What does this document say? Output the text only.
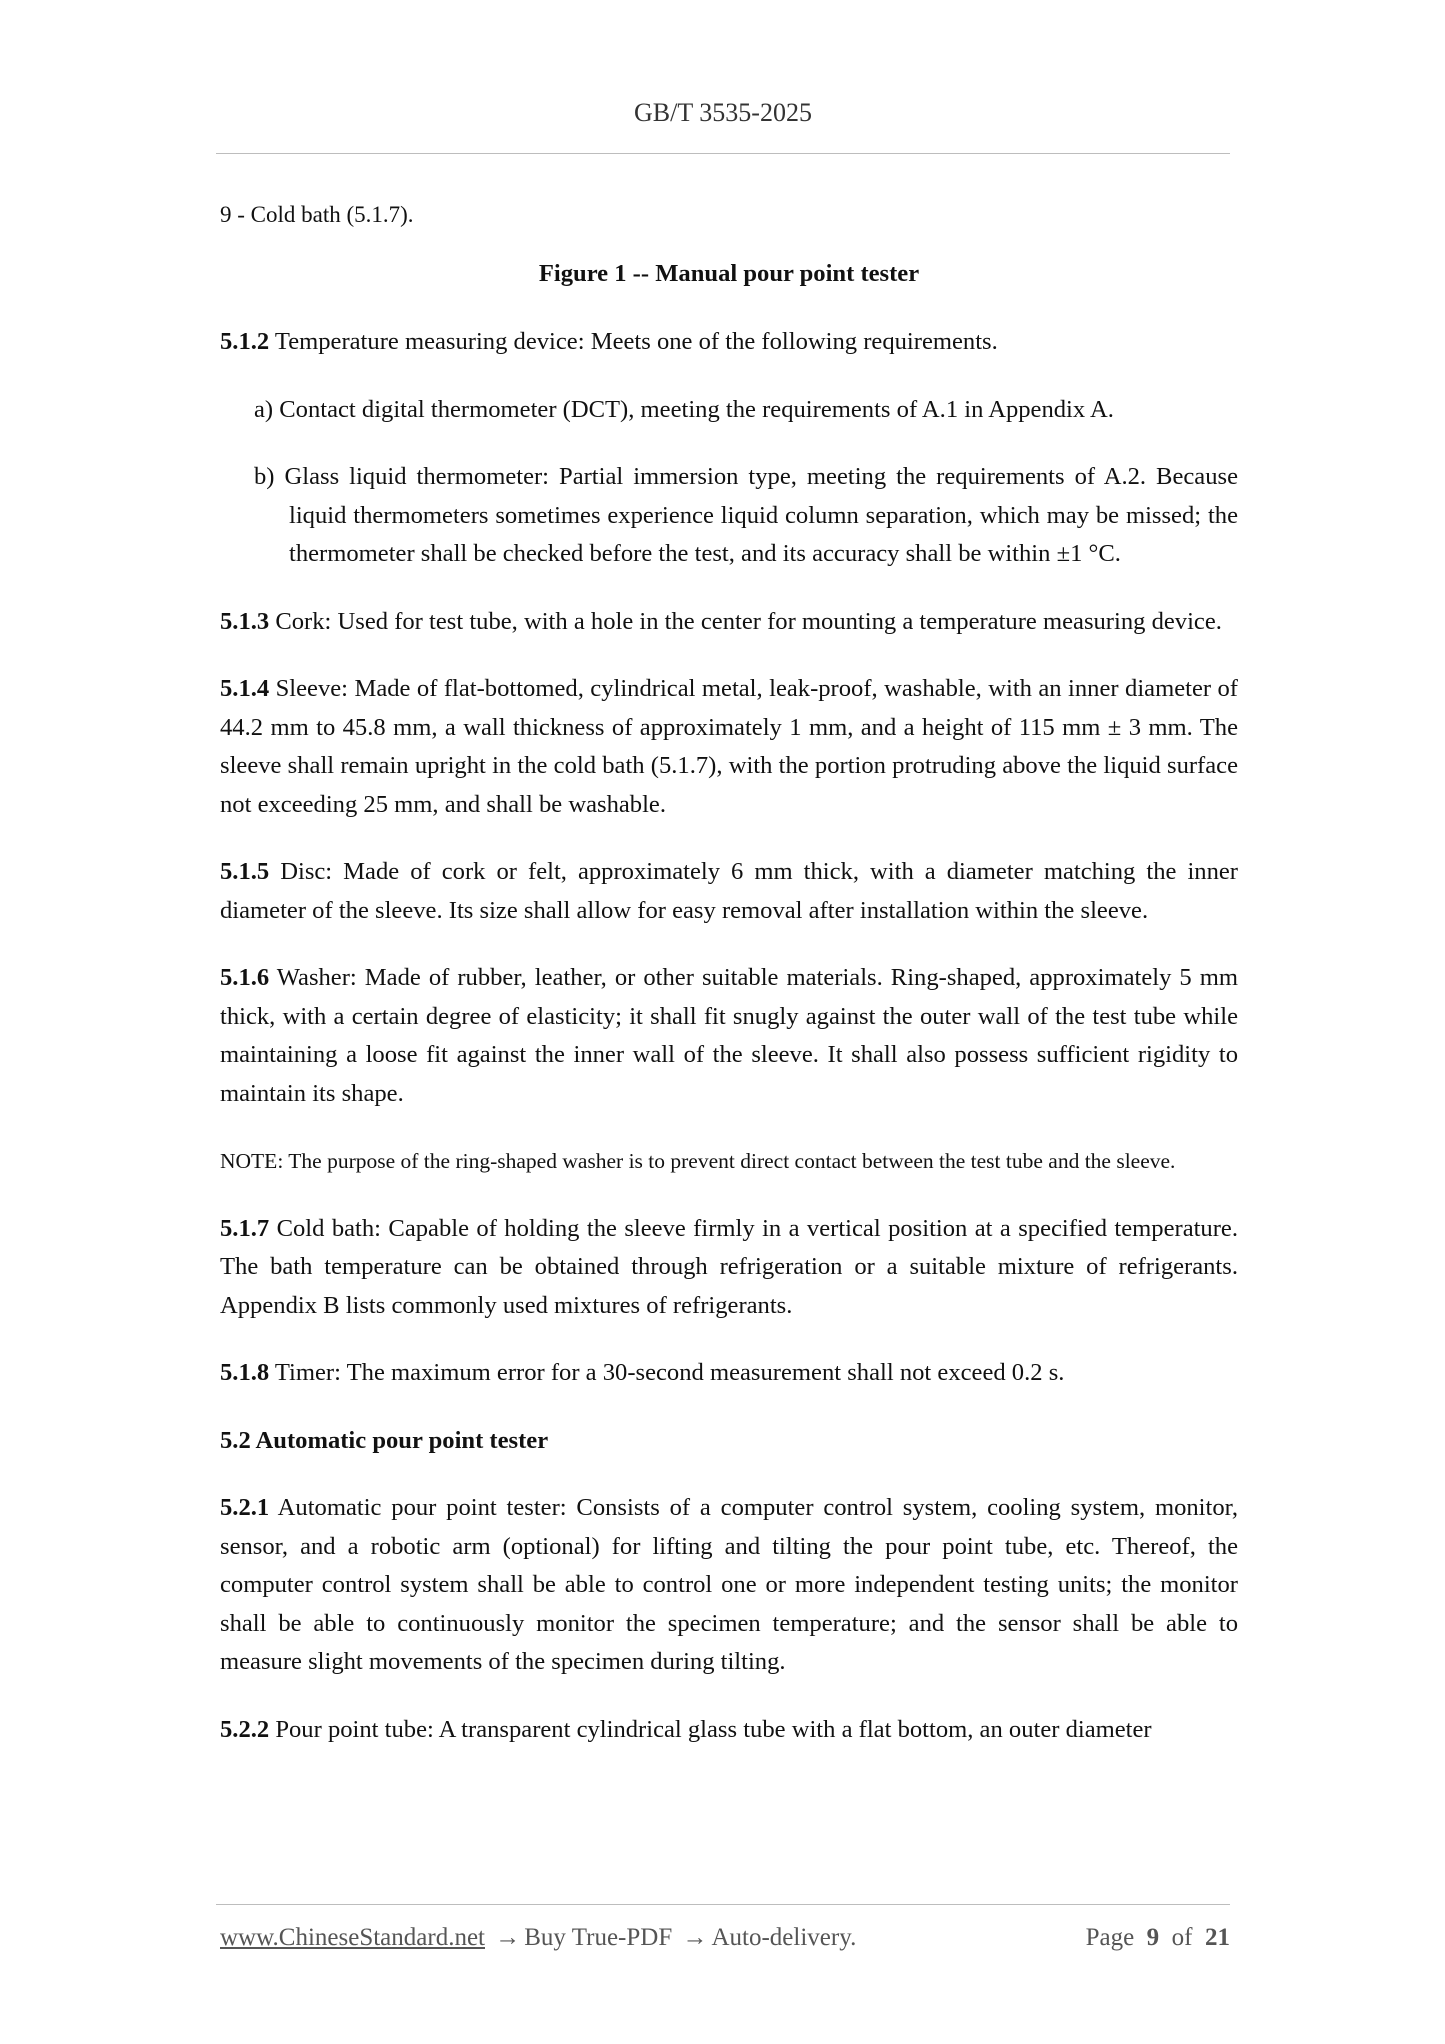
GB/T 3535-2025

9 - Cold bath (5.1.7).

Figure 1 -- Manual pour point tester

5.1.2 Temperature measuring device: Meets one of the following requirements.

a) Contact digital thermometer (DCT), meeting the requirements of A.1 in Appendix A.

b) Glass liquid thermometer: Partial immersion type, meeting the requirements of A.2. Because liquid thermometers sometimes experience liquid column separation, which may be missed; the thermometer shall be checked before the test, and its accuracy shall be within ±1 °C.

5.1.3 Cork: Used for test tube, with a hole in the center for mounting a temperature measuring device.

5.1.4 Sleeve: Made of flat-bottomed, cylindrical metal, leak-proof, washable, with an inner diameter of 44.2 mm to 45.8 mm, a wall thickness of approximately 1 mm, and a height of 115 mm ± 3 mm. The sleeve shall remain upright in the cold bath (5.1.7), with the portion protruding above the liquid surface not exceeding 25 mm, and shall be washable.

5.1.5 Disc: Made of cork or felt, approximately 6 mm thick, with a diameter matching the inner diameter of the sleeve. Its size shall allow for easy removal after installation within the sleeve.

5.1.6 Washer: Made of rubber, leather, or other suitable materials. Ring-shaped, approximately 5 mm thick, with a certain degree of elasticity; it shall fit snugly against the outer wall of the test tube while maintaining a loose fit against the inner wall of the sleeve. It shall also possess sufficient rigidity to maintain its shape.

NOTE: The purpose of the ring-shaped washer is to prevent direct contact between the test tube and the sleeve.

5.1.7 Cold bath: Capable of holding the sleeve firmly in a vertical position at a specified temperature. The bath temperature can be obtained through refrigeration or a suitable mixture of refrigerants. Appendix B lists commonly used mixtures of refrigerants.

5.1.8 Timer: The maximum error for a 30-second measurement shall not exceed 0.2 s.

5.2 Automatic pour point tester

5.2.1 Automatic pour point tester: Consists of a computer control system, cooling system, monitor, sensor, and a robotic arm (optional) for lifting and tilting the pour point tube, etc. Thereof, the computer control system shall be able to control one or more independent testing units; the monitor shall be able to continuously monitor the specimen temperature; and the sensor shall be able to measure slight movements of the specimen during tilting.

5.2.2 Pour point tube: A transparent cylindrical glass tube with a flat bottom, an outer diameter

www.ChineseStandard.net → Buy True-PDF → Auto-delivery.	Page 9 of 21
